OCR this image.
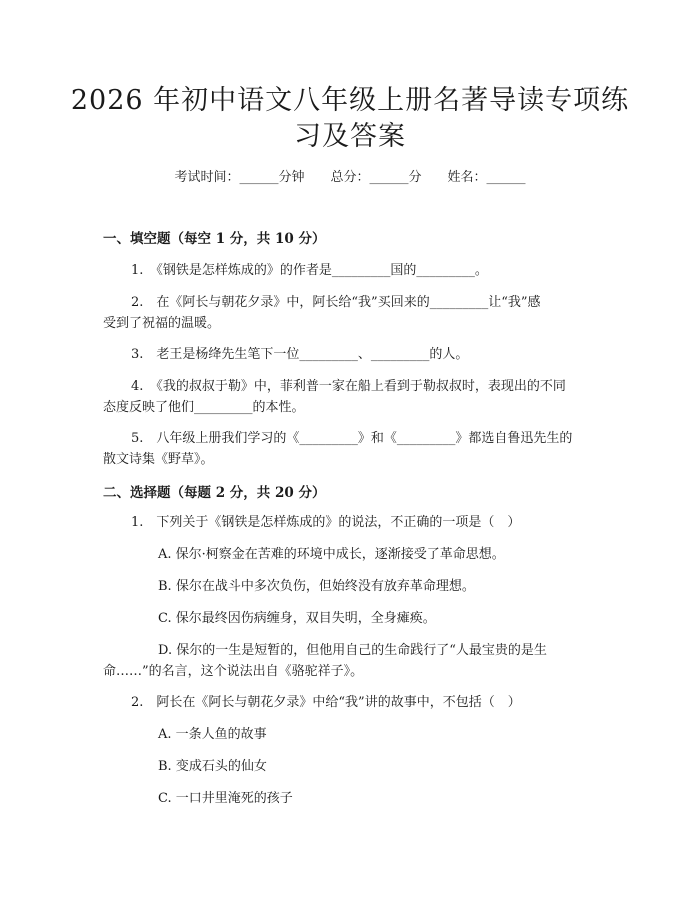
2026 年初中语文八年级上册名著导读专项练
习及答案
考试时间：______分钟　　总分：______分　　姓名：______
一、填空题（每空 1 分，共 10 分）
1.　《钢铁是怎样炼成的》的作者是_________国的_________。
2.　在《阿长与朝花夕录》中，阿长给“我”买回来的_________让“我”感
受到了祝福的温暖。
3.　老王是杨绛先生笔下一位_________、_________的人。
4.　《我的叔叔于勒》中，菲利普一家在船上看到于勒叔叔时，表现出的不同
态度反映了他们_________的本性。
5.　八年级上册我们学习的《_________》和《_________》都选自鲁迅先生的
散文诗集《野草》。
二、选择题（每题 2 分，共 20 分）
1.　下列关于《钢铁是怎样炼成的》的说法，不正确的一项是（　）
A. 保尔·柯察金在苦难的环境中成长，逐渐接受了革命思想。
B. 保尔在战斗中多次负伤，但始终没有放弃革命理想。
C. 保尔最终因伤病缠身，双目失明，全身瘫痪。
D. 保尔的一生是短暂的，但他用自己的生命践行了“人最宝贵的是生
命……”的名言，这个说法出自《骆驼祥子》。
2.　阿长在《阿长与朝花夕录》中给“我”讲的故事中，不包括（　）
A. 一条人鱼的故事
B. 变成石头的仙女
C. 一口井里淹死的孩子
